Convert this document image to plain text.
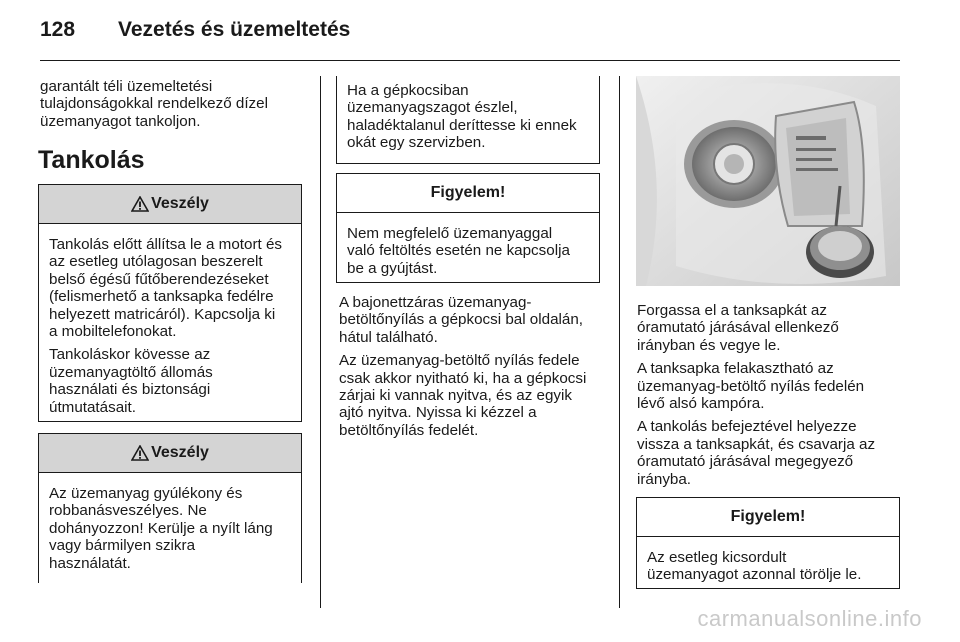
128 Vezetés és üzemeltetés
garantált téli üzemeltetési
tulajdonságokkal rendelkező dízel
üzemanyagot tankoljon.
Tankolás
Veszély

Tankolás előtt állítsa le a motort és
az esetleg utólagosan beszerelt
belső égésű fűtőberendezéseket
(felismerhető a tanksapka fedélre
helyezett matricáról). Kapcsolja ki
a mobiltelefonokat.

Tankoláskor kövesse az
üzemanyagtöltő állomás
használati és biztonsági
útmutatásait.

Veszély

Az üzemanyag gyúlékony és
robbanásveszélyes. Ne
dohányozzon! Kerülje a nyílt láng
vagy bármilyen szikra
használatát.

Ha a gépkocsiban
üzemanyagszagot észlel,
haladéktalanul deríttesse ki ennek
okát egy szervizben.
Figyelem!
Nem megfelelő üzemanyaggal
való feltöltés esetén ne kapcsolja
be a gyújtást.

A bajonettzáras üzemanyag-
betöltőnyílás a gépkocsi bal oldalán,
hátul található.

Az üzemanyag-betöltő nyílás fedele
csak akkor nyitható ki, ha a gépkocsi
zárjai ki vannak nyitva, és az egyik
ajtó nyitva. Nyissa ki kézzel a
betöltőnyílás fedelét.

Forgassa el a tanksapkát az
óramutató járásával ellenkező
irányban és vegye le.

A tanksapka felakasztható az
üzemanyag-betöltő nyílás fedelén
lévő alsó kampóra.

A tankolás befejeztével helyezze
vissza a tanksapkát, és csavarja az
óramutató járásával megegyező
irányba.

Figyelem!
Az esetleg kicsordult
üzemanyagot azonnal törölje le.
carmanualsonline.info
